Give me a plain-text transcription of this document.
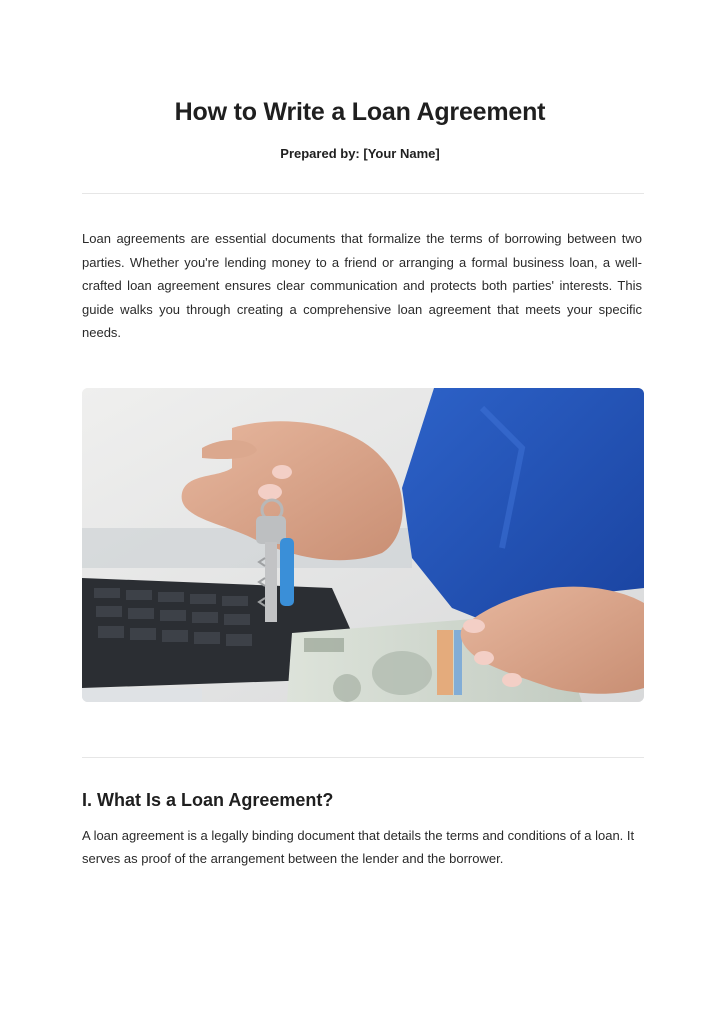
How to Write a Loan Agreement
Prepared by: [Your Name]

Loan agreements are essential documents that formalize the terms of borrowing between two parties. Whether you're lending money to a friend or arranging a formal business loan, a well-crafted loan agreement ensures clear communication and protects both parties' interests. This guide walks you through creating a comprehensive loan agreement that meets your specific needs.

I. What Is a Loan Agreement?

A loan agreement is a legally binding document that details the terms and conditions of a loan. It serves as proof of the arrangement between the lender and the borrower.
